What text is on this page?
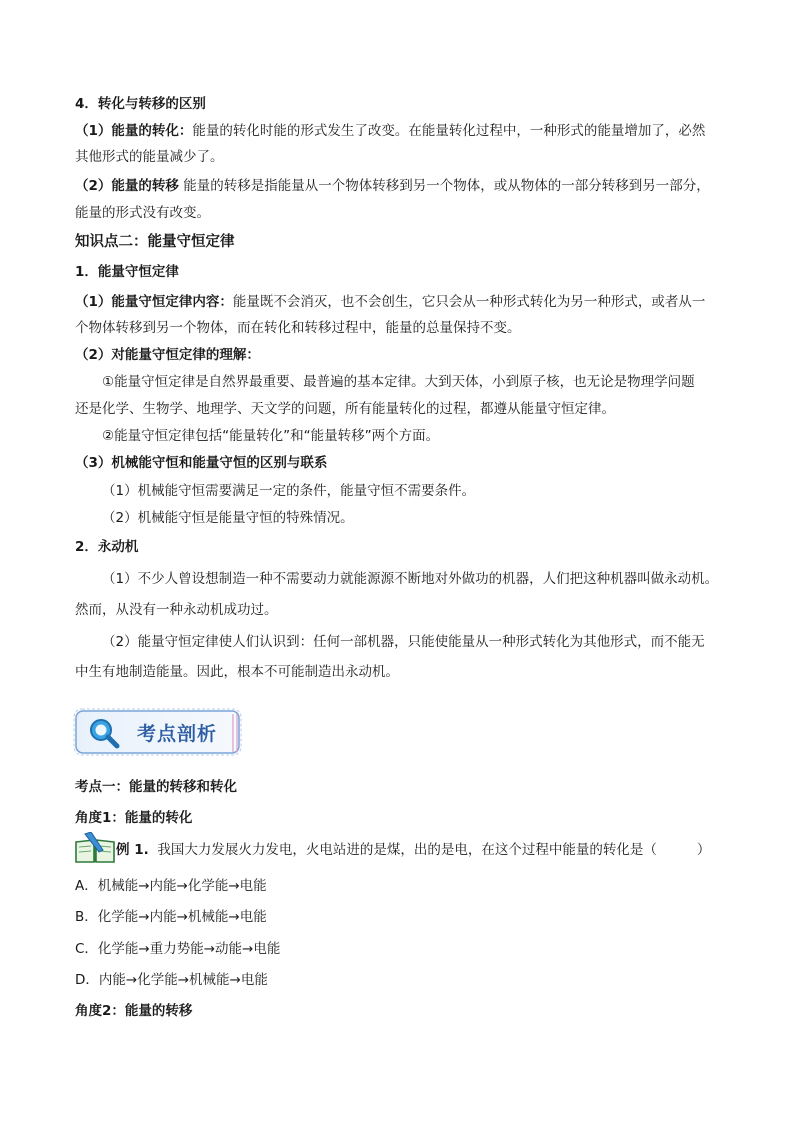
4．转化与转移的区别
（1）能量的转化：能量的转化时能的形式发生了改变。在能量转化过程中，一种形式的能量增加了，必然
其他形式的能量减少了。
（2）能量的转移 能量的转移是指能量从一个物体转移到另一个物体，或从物体的一部分转移到另一部分，
能量的形式没有改变。
知识点二：能量守恒定律
1．能量守恒定律
（1）能量守恒定律内容：能量既不会消灭，也不会创生，它只会从一种形式转化为另一种形式，或者从一
个物体转移到另一个物体，而在转化和转移过程中，能量的总量保持不变。
（2）对能量守恒定律的理解：
①能量守恒定律是自然界最重要、最普遍的基本定律。大到天体，小到原子核，也无论是物理学问题
还是化学、生物学、地理学、天文学的问题，所有能量转化的过程，都遵从能量守恒定律。
②能量守恒定律包括“能量转化”和“能量转移”两个方面。
（3）机械能守恒和能量守恒的区别与联系
（1）机械能守恒需要满足一定的条件，能量守恒不需要条件。
（2）机械能守恒是能量守恒的特殊情况。
2．永动机
（1）不少人曾设想制造一种不需要动力就能源源不断地对外做功的机器，人们把这种机器叫做永动机。
然而，从没有一种永动机成功过。
（2）能量守恒定律使人们认识到：任何一部机器，只能使能量从一种形式转化为其他形式，而不能无
中生有地制造能量。因此，根本不可能制造出永动机。
考点剖析
考点一：能量的转移和转化
角度1：能量的转化
例 1. 我国大力发展火力发电，火电站进的是煤，出的是电，在这个过程中能量的转化是（	）
A．机械能→内能→化学能→电能
B．化学能→内能→机械能→电能
C．化学能→重力势能→动能→电能
D．内能→化学能→机械能→电能
角度2：能量的转移
